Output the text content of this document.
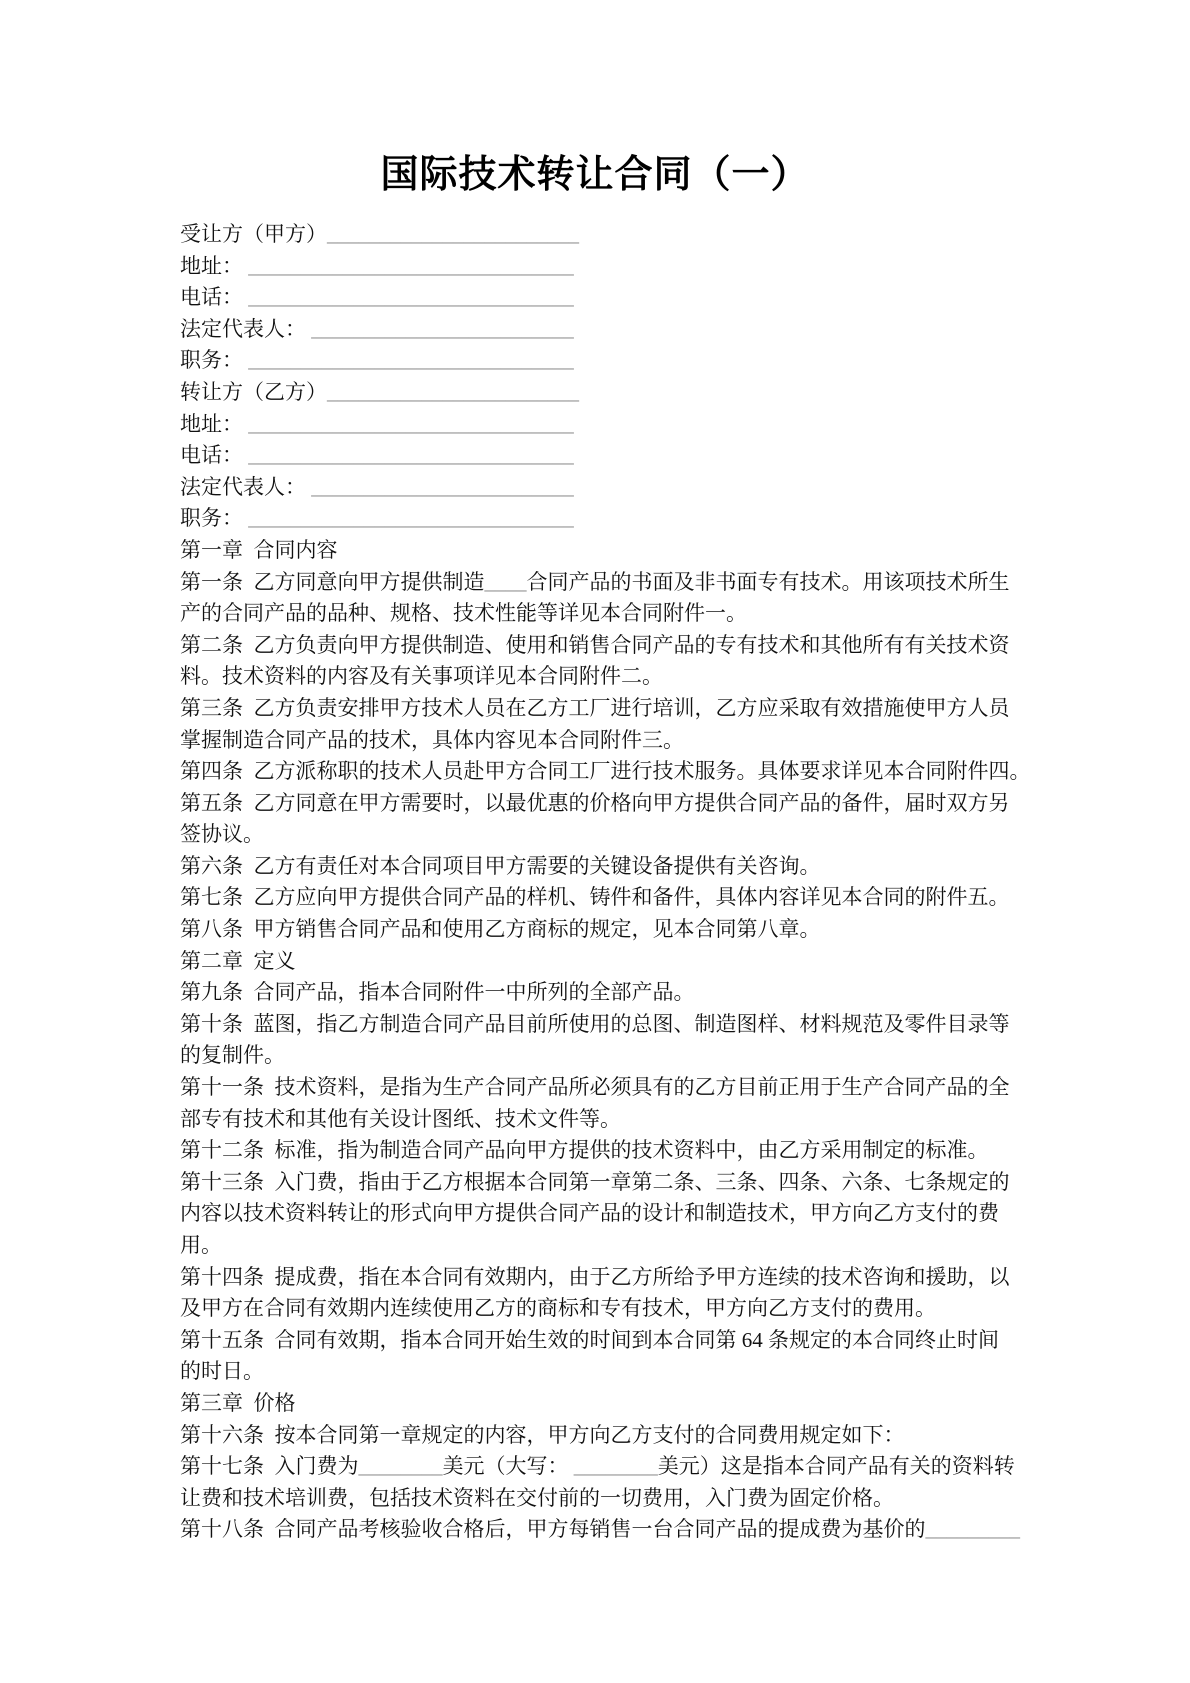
国际技术转让合同（一）
受让方（甲方）________________________
地址： _______________________________
电话： _______________________________
法定代表人： _________________________
职务： _______________________________
转让方（乙方）________________________
地址： _______________________________
电话： _______________________________
法定代表人： _________________________
职务： _______________________________
第一章  合同内容
第一条  乙方同意向甲方提供制造____合同产品的书面及非书面专有技术。用该项技术所生
产的合同产品的品种、规格、技术性能等详见本合同附件一。
第二条  乙方负责向甲方提供制造、使用和销售合同产品的专有技术和其他所有有关技术资
料。技术资料的内容及有关事项详见本合同附件二。
第三条  乙方负责安排甲方技术人员在乙方工厂进行培训，乙方应采取有效措施使甲方人员
掌握制造合同产品的技术，具体内容见本合同附件三。
第四条  乙方派称职的技术人员赴甲方合同工厂进行技术服务。具体要求详见本合同附件四。
第五条  乙方同意在甲方需要时，以最优惠的价格向甲方提供合同产品的备件，届时双方另
签协议。
第六条  乙方有责任对本合同项目甲方需要的关键设备提供有关咨询。
第七条  乙方应向甲方提供合同产品的样机、铸件和备件，具体内容详见本合同的附件五。
第八条  甲方销售合同产品和使用乙方商标的规定，见本合同第八章。
第二章  定义
第九条  合同产品，指本合同附件一中所列的全部产品。
第十条  蓝图，指乙方制造合同产品目前所使用的总图、制造图样、材料规范及零件目录等
的复制件。
第十一条  技术资料，是指为生产合同产品所必须具有的乙方目前正用于生产合同产品的全
部专有技术和其他有关设计图纸、技术文件等。
第十二条  标准，指为制造合同产品向甲方提供的技术资料中，由乙方采用制定的标准。
第十三条  入门费，指由于乙方根据本合同第一章第二条、三条、四条、六条、七条规定的
内容以技术资料转让的形式向甲方提供合同产品的设计和制造技术，甲方向乙方支付的费
用。
第十四条  提成费，指在本合同有效期内，由于乙方所给予甲方连续的技术咨询和援助，以
及甲方在合同有效期内连续使用乙方的商标和专有技术，甲方向乙方支付的费用。
第十五条  合同有效期，指本合同开始生效的时间到本合同第 64 条规定的本合同终止时间
的时日。
第三章  价格
第十六条  按本合同第一章规定的内容，甲方向乙方支付的合同费用规定如下：
第十七条  入门费为________美元（大写： ________美元）这是指本合同产品有关的资料转
让费和技术培训费，包括技术资料在交付前的一切费用，入门费为固定价格。
第十八条  合同产品考核验收合格后，甲方每销售一台合同产品的提成费为基价的_________
